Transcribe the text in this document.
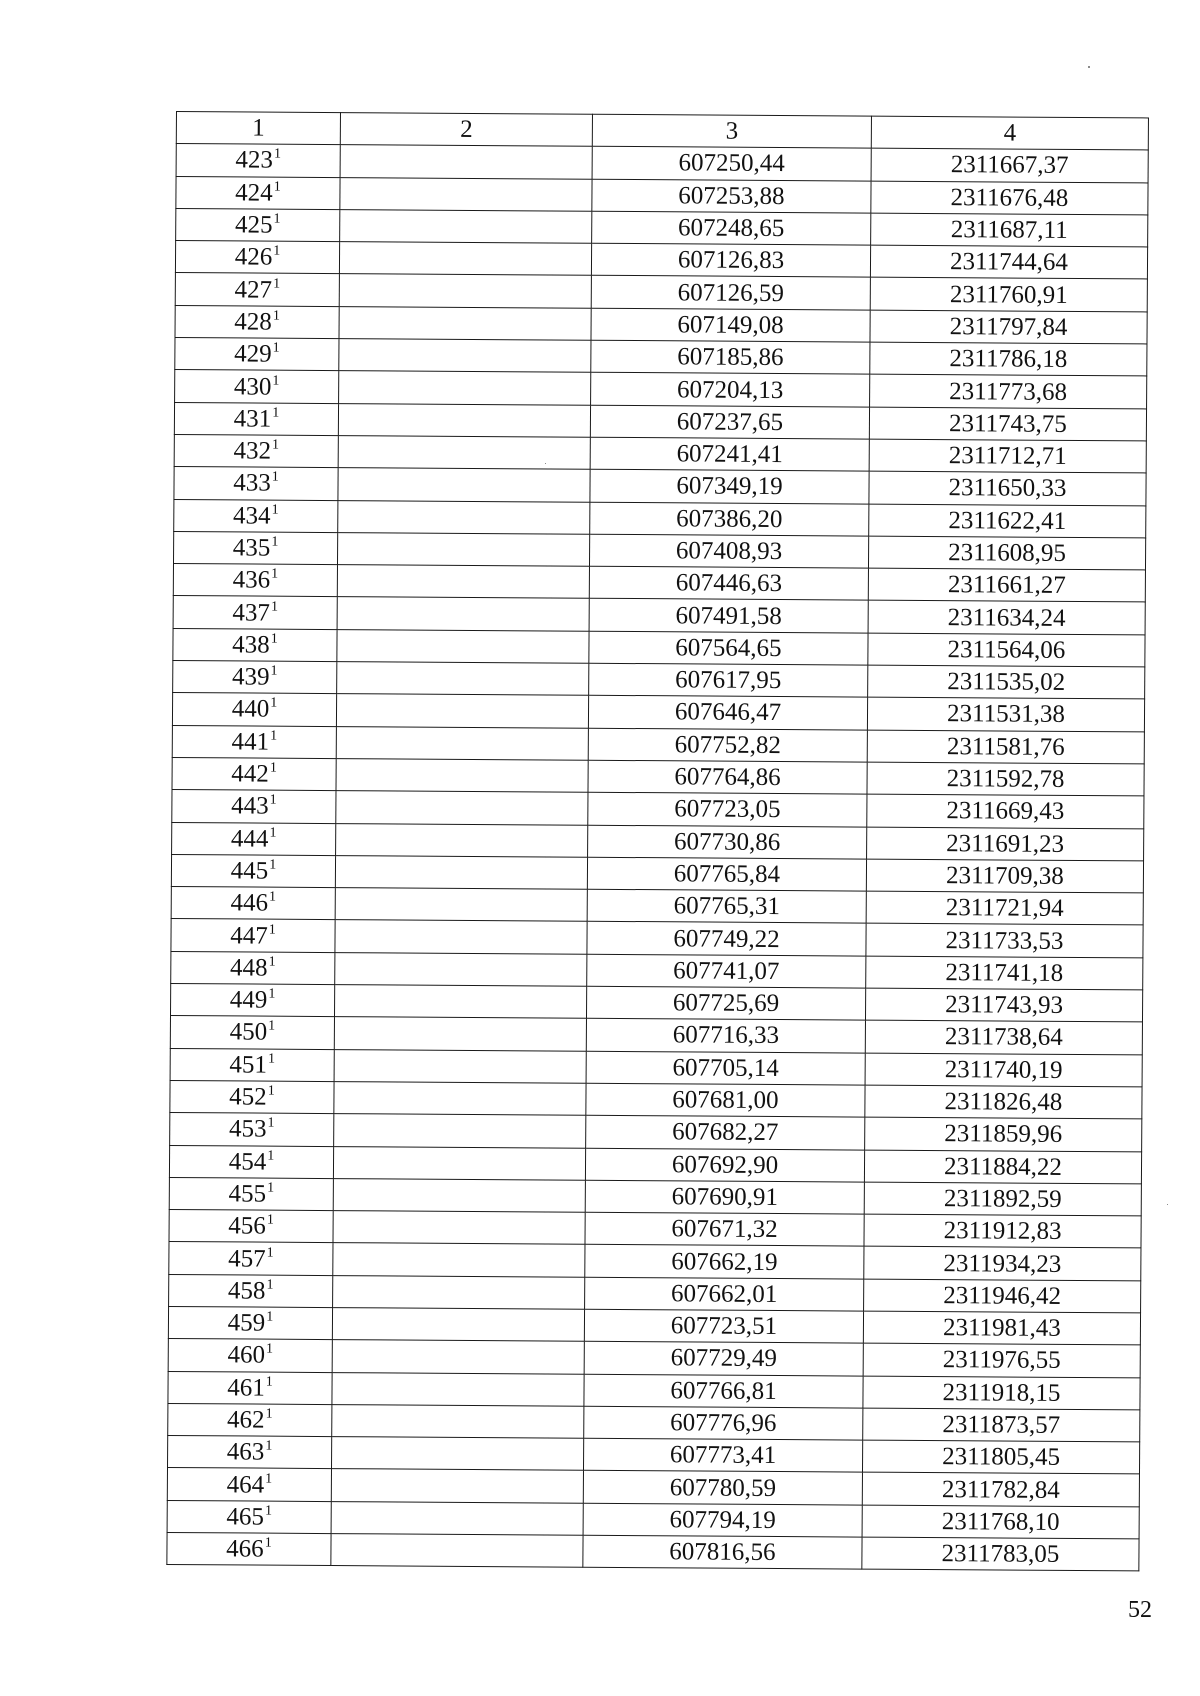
1	2	3	4
$423^1$		607250,44	2311667,37
$424^1$		607253,88	2311676,48
$425^1$		607248,65	2311687,11
$426^1$		607126,83	2311744,64
$427^1$		607126,59	2311760,91
$428^1$		607149,08	2311797,84
$429^1$		607185,86	2311786,18
$430^1$		607204,13	2311773,68
$431^1$		607237,65	2311743,75
$432^1$		607241,41	2311712,71
$433^1$		607349,19	2311650,33
$434^1$		607386,20	2311622,41
$435^1$		607408,93	2311608,95
$436^1$		607446,63	2311661,27
$437^1$		607491,58	2311634,24
$438^1$		607564,65	2311564,06
$439^1$		607617,95	2311535,02
$440^1$		607646,47	2311531,38
$441^1$		607752,82	2311581,76
$442^1$		607764,86	2311592,78
$443^1$		607723,05	2311669,43
$444^1$		607730,86	2311691,23
$445^1$		607765,84	2311709,38
$446^1$		607765,31	2311721,94
$447^1$		607749,22	2311733,53
$448^1$		607741,07	2311741,18
$449^1$		607725,69	2311743,93
$450^1$		607716,33	2311738,64
$451^1$		607705,14	2311740,19
$452^1$		607681,00	2311826,48
$453^1$		607682,27	2311859,96
$454^1$		607692,90	2311884,22
$455^1$		607690,91	2311892,59
$456^1$		607671,32	2311912,83
$457^1$		607662,19	2311934,23
$458^1$		607662,01	2311946,42
$459^1$		607723,51	2311981,43
$460^1$		607729,49	2311976,55
$461^1$		607766,81	2311918,15
$462^1$		607776,96	2311873,57
$463^1$		607773,41	2311805,45
$464^1$		607780,59	2311782,84
$465^1$		607794,19	2311768,10
$466^1$		607816,56	2311783,05
52
